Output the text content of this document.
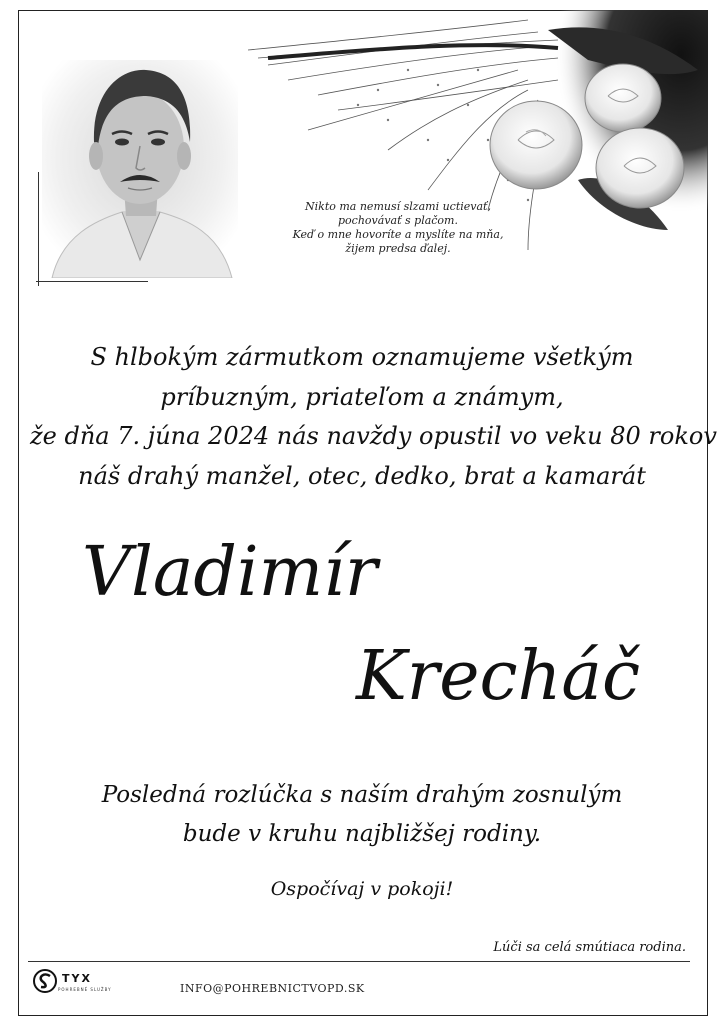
Nikto ma nemusí slzami uctievať,
pochovávať s plačom.
Keď o mne hovoríte a myslíte na mňa,
žijem predsa ďalej.
S hlbokým zármutkom oznamujeme všetkým
príbuzným, priateľom a známym,
že dňa 7. júna 2024 nás navždy opustil vo veku 80 rokov
náš drahý manžel, otec, dedko, brat a kamarát
Vladimír
Krecháč
Posledná rozlúčka s naším drahým zosnulým
bude v kruhu najbližšej rodiny.
Ospočívaj v pokoji!
Lúči sa celá smútiaca rodina.
TYX
POHREBNÉ SLUŽBY	INFO@POHREBNICTVOPD.SK
